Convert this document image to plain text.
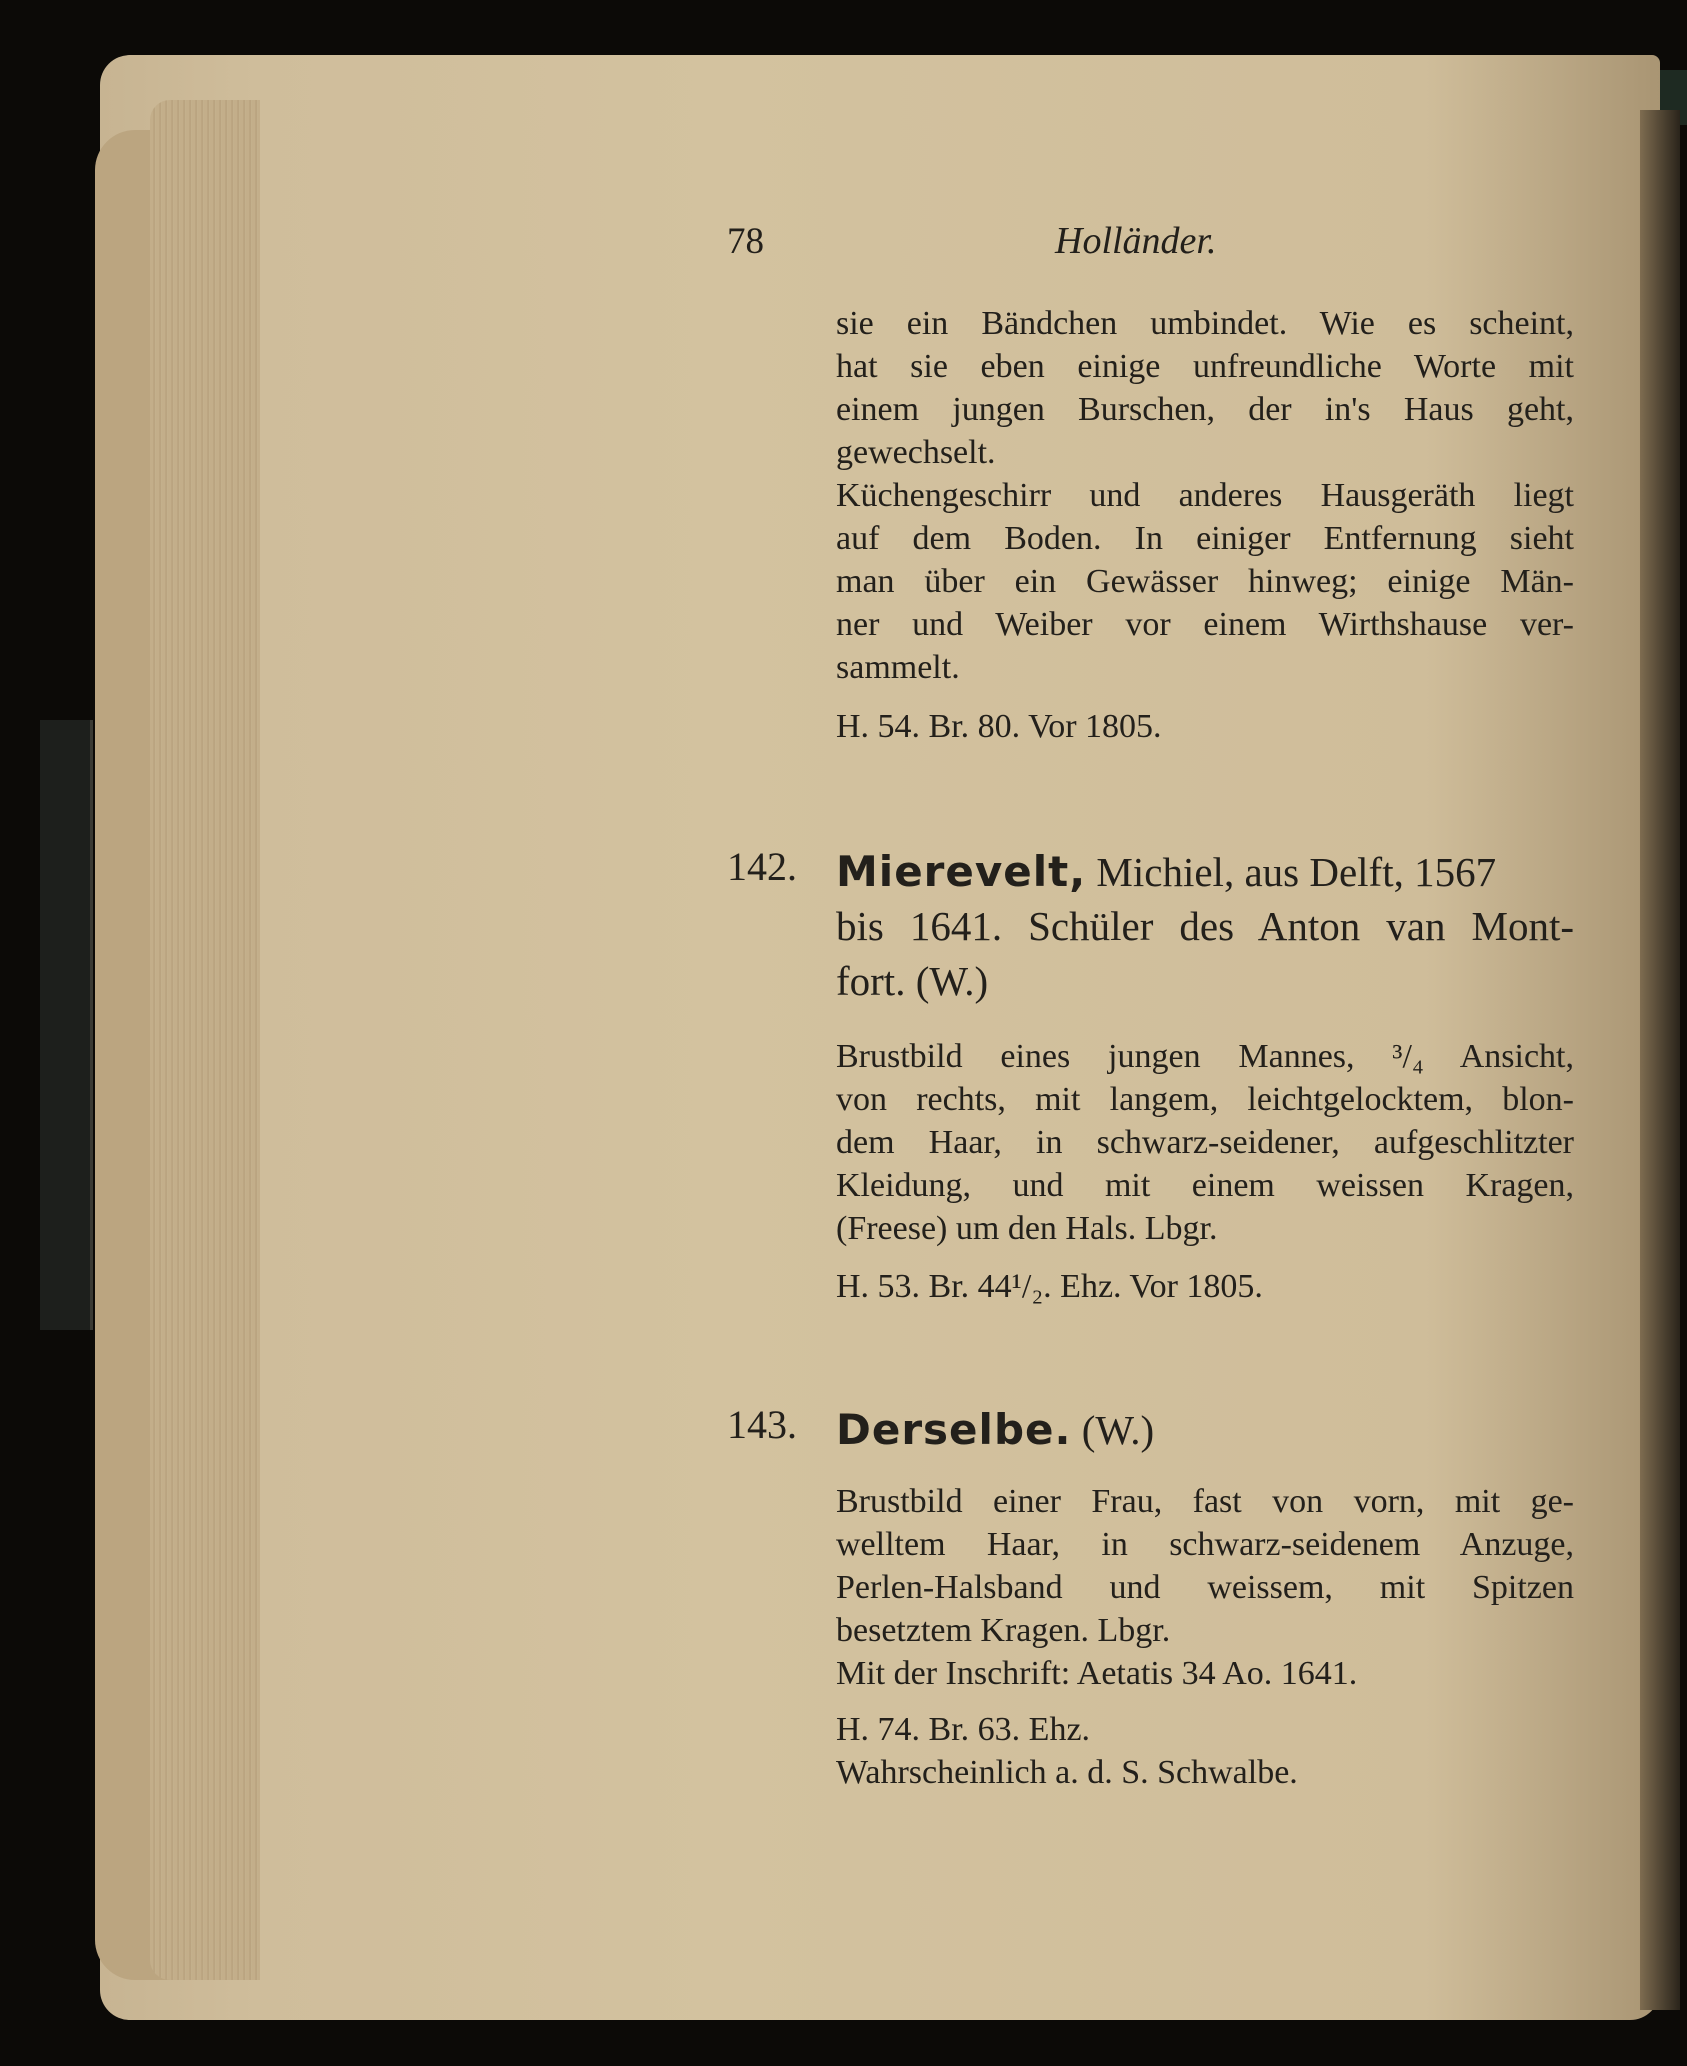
78	Holländer.
sie ein Bändchen umbindet. Wie es scheint,
hat sie eben einige unfreundliche Worte mit
einem jungen Burschen, der in's Haus geht,
gewechselt.
Küchengeschirr und anderes Hausgeräth liegt
auf dem Boden. In einiger Entfernung sieht
man über ein Gewässer hinweg; einige Män-
ner und Weiber vor einem Wirthshause ver-
sammelt.
H. 54. Br. 80. Vor 1805.
142. Mierevelt, Michiel, aus Delft, 1567
bis 1641. Schüler des Anton van Mont-
fort. (W.)
Brustbild eines jungen Mannes, ³/₄ Ansicht,
von rechts, mit langem, leichtgelocktem, blon-
dem Haar, in schwarz-seidener, aufgeschlitzter
Kleidung, und mit einem weissen Kragen,
(Freese) um den Hals. Lbgr.
H. 53. Br. 44¹/₂. Ehz. Vor 1805.
143. Derselbe. (W.)
Brustbild einer Frau, fast von vorn, mit ge-
welltem Haar, in schwarz-seidenem Anzuge,
Perlen-Halsband und weissem, mit Spitzen
besetztem Kragen. Lbgr.
Mit der Inschrift: Aetatis 34 Ao. 1641.
H. 74. Br. 63. Ehz.
Wahrscheinlich a. d. S. Schwalbe.
